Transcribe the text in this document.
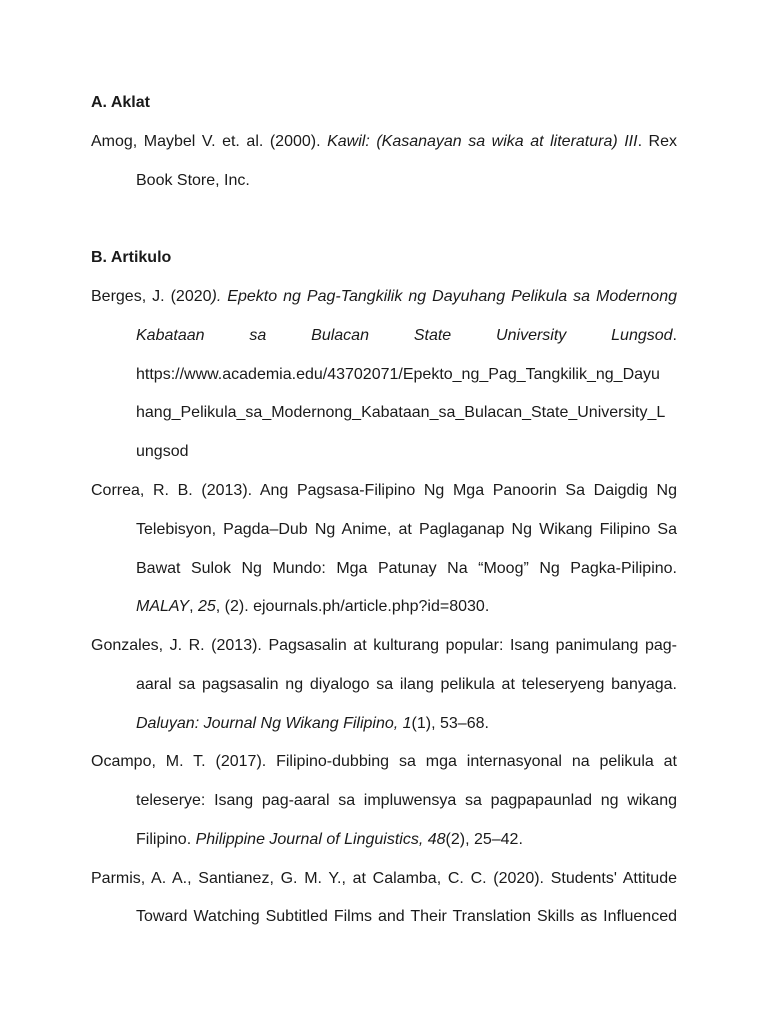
A. Aklat
Amog, Maybel V. et. al. (2000). Kawil: (Kasanayan sa wika at literatura) III. Rex
Book Store, Inc.
B. Artikulo
Berges, J. (2020). Epekto ng Pag-Tangkilik ng Dayuhang Pelikula sa Modernong
Kabataan sa Bulacan State University Lungsod.
https://www.academia.edu/43702071/Epekto_ng_Pag_Tangkilik_ng_Dayu
hang_Pelikula_sa_Modernong_Kabataan_sa_Bulacan_State_University_L
ungsod
Correa, R. B. (2013). Ang Pagsasa-Filipino Ng Mga Panoorin Sa Daigdig Ng
Telebisyon, Pagda–Dub Ng Anime, at Paglaganap Ng Wikang Filipino Sa
Bawat Sulok Ng Mundo: Mga Patunay Na “Moog” Ng Pagka-Pilipino.
MALAY, 25, (2). ejournals.ph/article.php?id=8030.
Gonzales, J. R. (2013). Pagsasalin at kulturang popular: Isang panimulang pag-
aaral sa pagsasalin ng diyalogo sa ilang pelikula at teleseryeng banyaga.
Daluyan: Journal Ng Wikang Filipino, 1(1), 53–68.
Ocampo, M. T. (2017). Filipino-dubbing sa mga internasyonal na pelikula at
teleserye: Isang pag-aaral sa impluwensya sa pagpapaunlad ng wikang
Filipino. Philippine Journal of Linguistics, 48(2), 25–42.
Parmis, A. A., Santianez, G. M. Y., at Calamba, C. C. (2020). Students' Attitude
Toward Watching Subtitled Films and Their Translation Skills as Influenced
